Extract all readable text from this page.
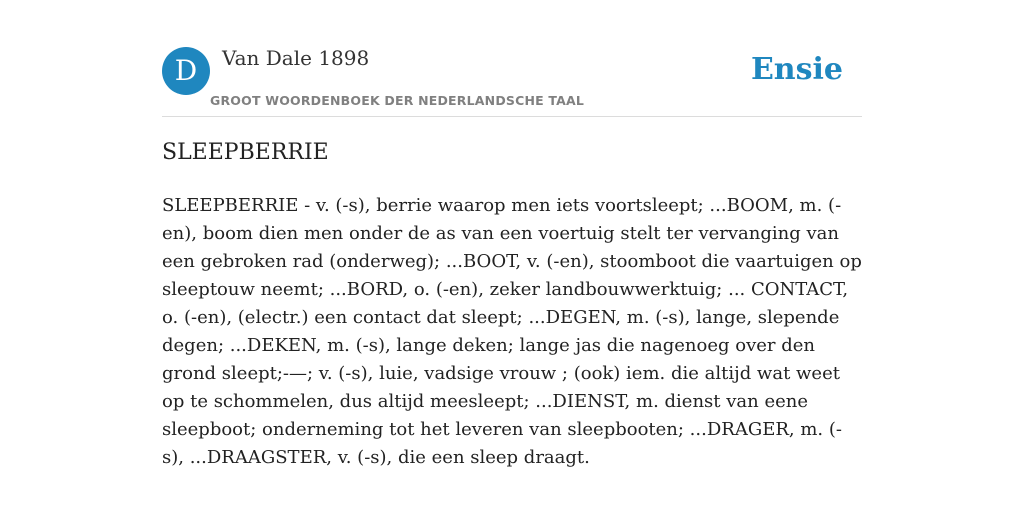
D	Van Dale 1898
GROOT WOORDENBOEK DER NEDERLANDSCHE TAAL
Ensie
SLEEPBERRIE

SLEEPBERRIE - v. (-s), berrie waarop men iets voortsleept; ...BOOM, m. (-en), boom dien men onder de as van een voertuig stelt ter vervanging van een gebroken rad (onderweg); ...BOOT, v. (-en), stoomboot die vaartuigen op sleeptouw neemt; ...BORD, o. (-en), zeker landbouwwerktuig; ... CONTACT, o. (-en), (electr.) een contact dat sleept; ...DEGEN, m. (-s), lange, slepende degen; ...DEKEN, m. (-s), lange deken; lange jas die nagenoeg over den grond sleept;-—; v. (-s), luie, vadsige vrouw ; (ook) iem. die altijd wat weet op te schommelen, dus altijd meesleept; ...DIENST, m. dienst van eene sleepboot; onderneming tot het leveren van sleepbooten; ...DRAGER, m. (-s), ...DRAAGSTER, v. (-s), die een sleep draagt.
